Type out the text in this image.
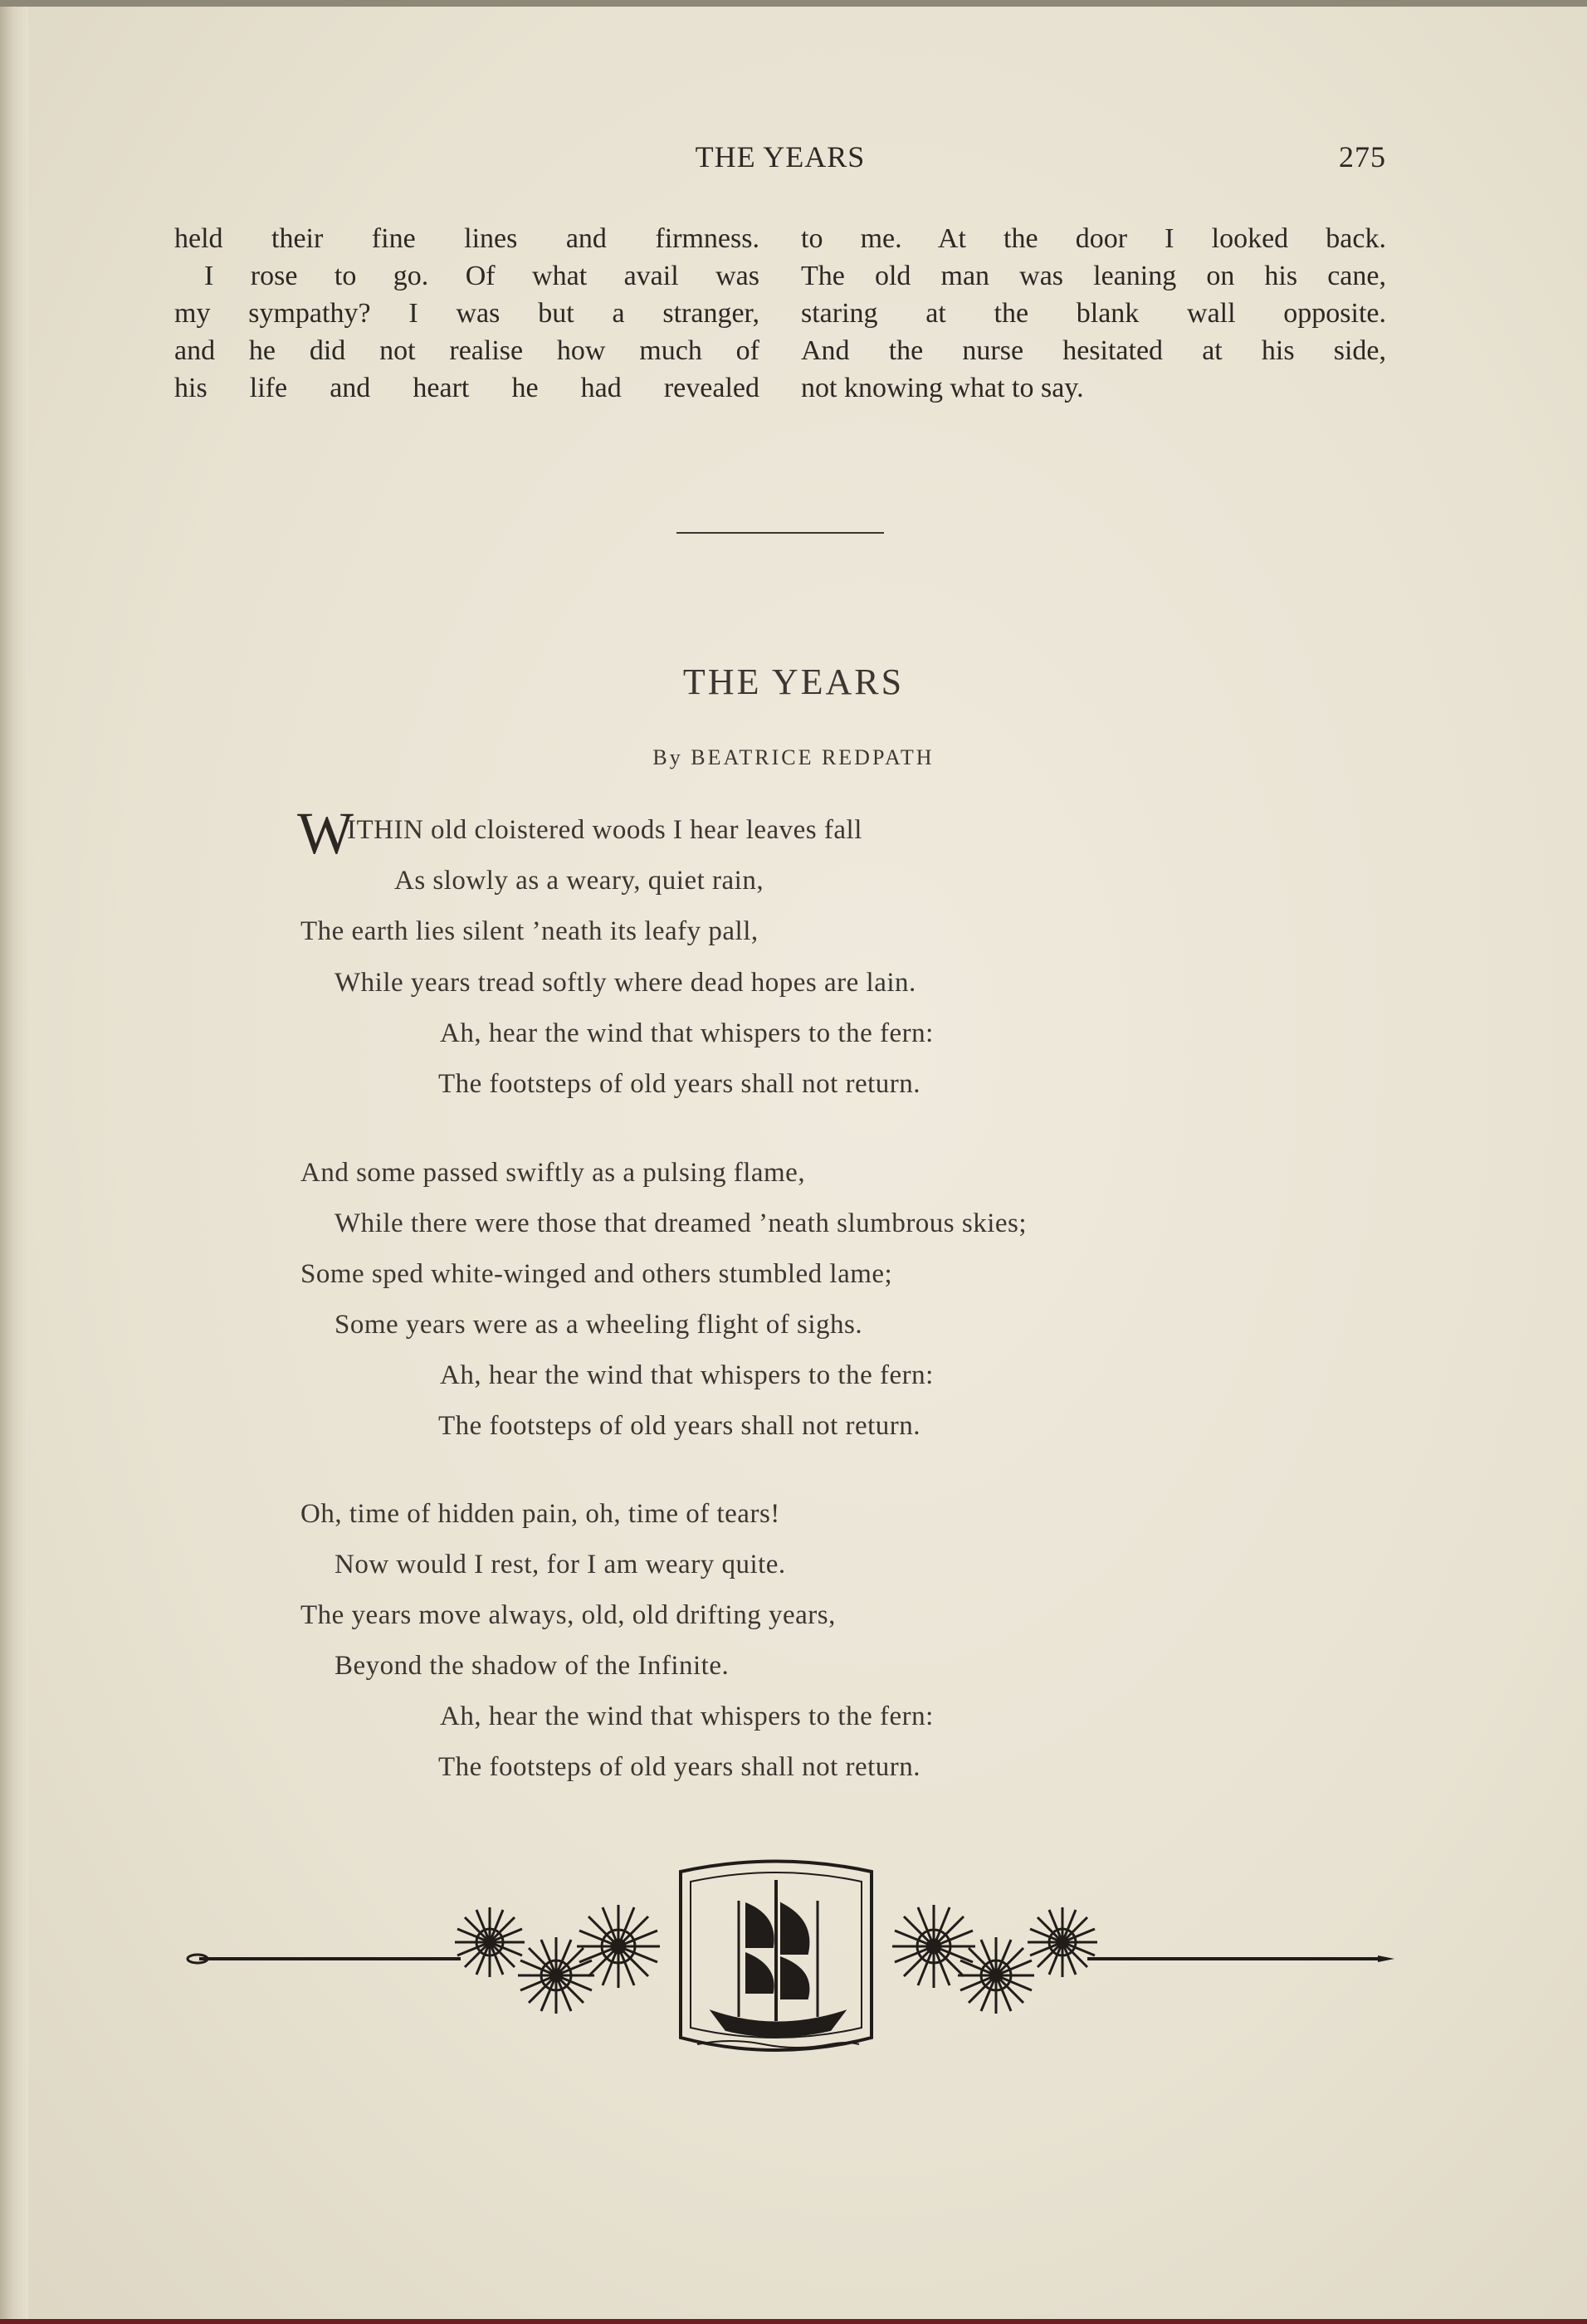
THE YEARS	275
held their fine lines and firmness.
I rose to go. Of what avail was
my sympathy? I was but a stranger,
and he did not realise how much of
his life and heart he had revealed
to me. At the door I looked back.
The old man was leaning on his cane,
staring at the blank wall opposite.
And the nurse hesitated at his side,
not knowing what to say.
THE YEARS
By BEATRICE REDPATH
W
ITHIN old cloistered woods I hear leaves fall
As slowly as a weary, quiet rain,
The earth lies silent ’neath its leafy pall,
While years tread softly where dead hopes are lain.
Ah, hear the wind that whispers to the fern:
The footsteps of old years shall not return.
And some passed swiftly as a pulsing flame,
While there were those that dreamed ’neath slumbrous skies;
Some sped white-winged and others stumbled lame;
Some years were as a wheeling flight of sighs.
Ah, hear the wind that whispers to the fern:
The footsteps of old years shall not return.
Oh, time of hidden pain, oh, time of tears!
Now would I rest, for I am weary quite.
The years move always, old, old drifting years,
Beyond the shadow of the Infinite.
Ah, hear the wind that whispers to the fern:
The footsteps of old years shall not return.
